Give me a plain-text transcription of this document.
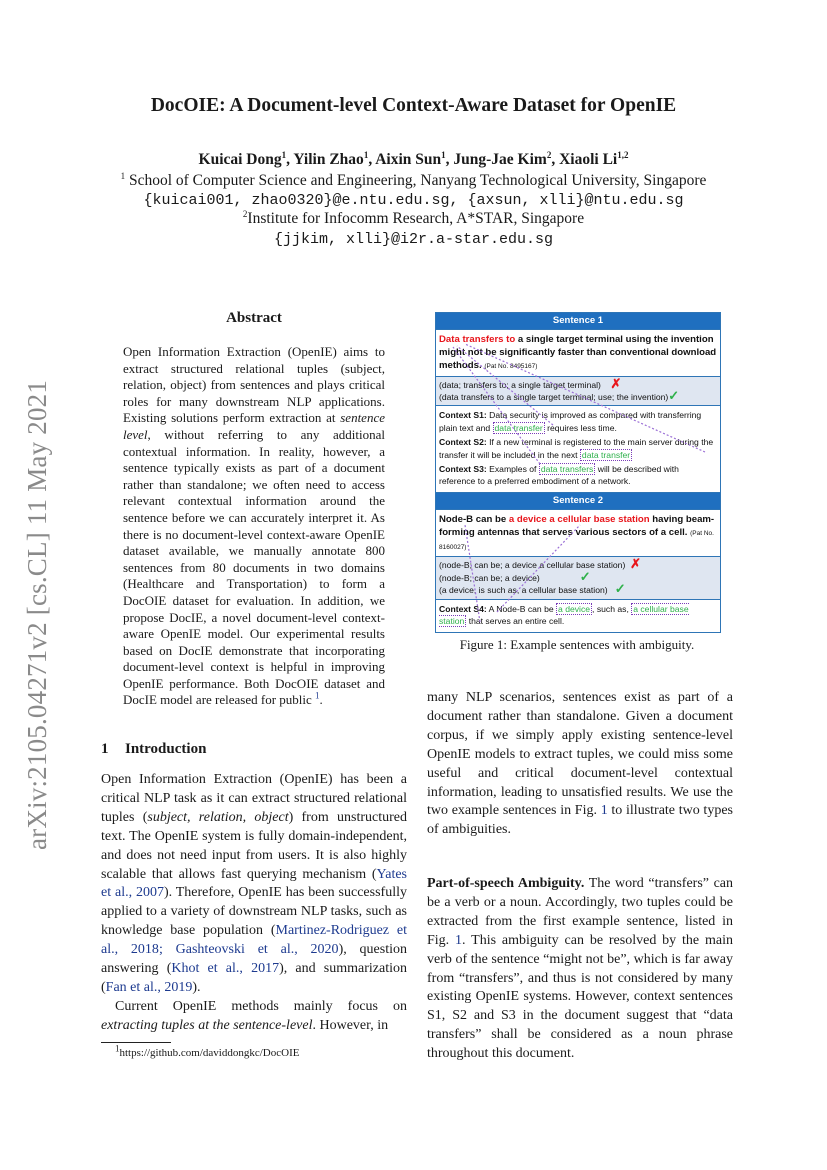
arXiv:2105.04271v2 [cs.CL] 11 May 2021
DocOIE: A Document-level Context-Aware Dataset for OpenIE
Kuicai Dong$^1$, Yilin Zhao$^1$, Aixin Sun$^1$, Jung-Jae Kim$^2$, Xiaoli Li$^{1,2}$
$^1$ School of Computer Science and Engineering, Nanyang Technological University, Singapore
{kuicai001, zhao0320}@e.ntu.edu.sg, {axsun, xlli}@ntu.edu.sg
$^2$Institute for Infocomm Research, A*STAR, Singapore
{jjkim, xlli}@i2r.a-star.edu.sg
Abstract
Open Information Extraction (OpenIE) aims to extract structured relational tuples (subject, relation, object) from sentences and plays critical roles for many downstream NLP applications. Existing solutions perform extraction at sentence level, without referring to any additional contextual information. In reality, however, a sentence typically exists as part of a document rather than standalone; we often need to access relevant contextual information around the sentence before we can accurately interpret it. As there is no document-level context-aware OpenIE dataset available, we manually annotate 800 sentences from 80 documents in two domains (Healthcare and Transportation) to form a DocOIE dataset for evaluation. In addition, we propose DocIE, a novel document-level context-aware OpenIE model. Our experimental results based on DocIE demonstrate that incorporating document-level context is helpful in improving OpenIE performance. Both DocOIE dataset and DocIE model are released for public $^1$.
1 Introduction

Open Information Extraction (OpenIE) has been a critical NLP task as it can extract structured relational tuples (subject, relation, object) from unstructured text. The OpenIE system is fully domain-independent, and does not need input from users. It is also highly scalable that allows fast querying mechanism (Yates et al., 2007). Therefore, OpenIE has been successfully applied to a variety of downstream NLP tasks, such as knowledge base population (Martinez-Rodriguez et al., 2018; Gashteovski et al., 2020), question answering (Khot et al., 2017), and summarization (Fan et al., 2019).

Current OpenIE methods mainly focus on extracting tuples at the sentence-level. However, in

$^1$https://github.com/daviddongkc/DocOIE
Sentence 1
Data transfers to a single target terminal using the invention might not be significantly faster than conventional download methods. (Pat No. 8495167)
(data; transfers to; a single target terminal) ✗
(data transfers to a single target terminal; use; the invention)✓

Context S1: Data security is improved as compared with transferring plain text and data transfer requires less time.

Context S2: If a new terminal is registered to the main server during the transfer it will be included in the next data transfer

Context S3: Examples of data transfers will be described with reference to a preferred embodiment of a network.

Sentence 2
Node-B can be a device a cellular base station having beam-forming antennas that serves various sectors of a cell. (Pat No. 8160027)
(node-B; can be; a device a cellular base station) ✗
(node-B; can be; a device)	✓
(a device, is such as, a cellular base station) ✓

Context S4: A Node-B can be a device , such as, a cellular base station that serves an entire cell.

Figure 1: Example sentences with ambiguity.

many NLP scenarios, sentences exist as part of a document rather than standalone. Given a document corpus, if we simply apply existing sentence-level OpenIE models to extract tuples, we could miss some useful and critical document-level contextual information, leading to unsatisfied results. We use the two example sentences in Fig. 1 to illustrate two types of ambiguities.

Part-of-speech Ambiguity. The word “transfers” can be a verb or a noun. Accordingly, two tuples could be extracted from the first example sentence, listed in Fig. 1. This ambiguity can be resolved by the main verb of the sentence “might not be”, which is far away from “transfers”, and thus is not considered by many existing OpenIE systems. However, context sentences S1, S2 and S3 in the document suggest that “data transfers” shall be considered as a noun phrase throughout this document.
